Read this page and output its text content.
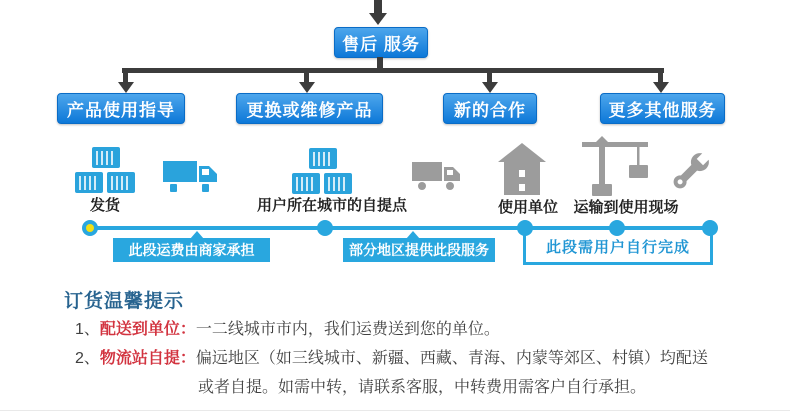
售后 服务
产品使用指导	更换或维修产品	新的合作	更多其他服务
发货	用户所在城市的自提点	使用单位	运输到使用现场
此段需用户自行完成
此段运费由商家承担	部分地区提供此段服务
订货温馨提示
1、配送到单位：一二线城市市内，我们运费送到您的单位。
2、物流站自提：偏远地区（如三线城市、新疆、西藏、青海、内蒙等郊区、村镇）均配送
或者自提。如需中转，请联系客服，中转费用需客户自行承担。
